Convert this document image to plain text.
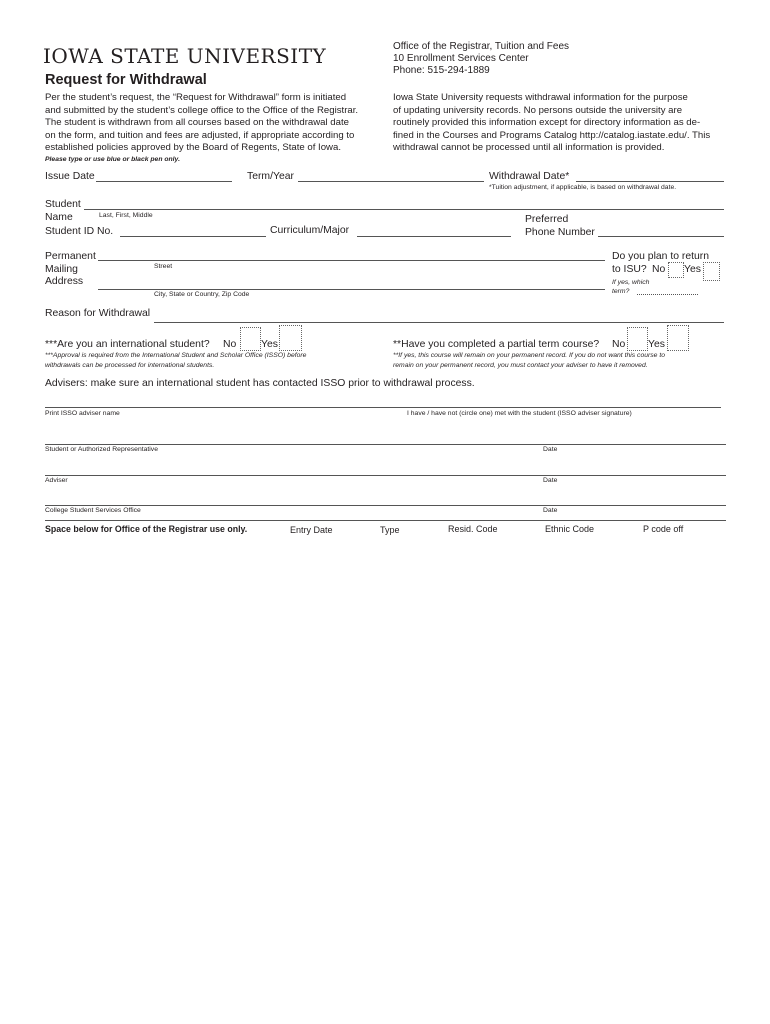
IOWA STATE UNIVERSITY
Request for Withdrawal
Office of the Registrar, Tuition and Fees
10 Enrollment Services Center
Phone: 515-294-1889
Per the student’s request, the “Request for Withdrawal” form is initiated
and submitted by the student’s college office to the Office of the Registrar.
The student is withdrawn from all courses based on the withdrawal date
on the form, and tuition and fees are adjusted, if appropriate according to
established policies approved by the Board of Regents, State of Iowa.
Iowa State University requests withdrawal information for the purpose
of updating university records. No persons outside the university are
routinely provided this information except for directory information as de-
fined in the Courses and Programs Catalog http://catalog.iastate.edu/. This
withdrawal cannot be processed until all information is provided.
Please type or use blue or black pen only.
Issue Date	Term/Year	Withdrawal Date*
*Tuition adjustment, if applicable, is based on withdrawal date.
Student
Name	Last, First, Middle
Student ID No.	Curriculum/Major
Preferred
Phone Number
Permanent
Mailing
Address
Street
City, State or Country, Zip Code
Do you plan to return
to ISU? No Yes
If yes, which
term?
Reason for Withdrawal
***Are you an international student? No Yes
***Approval is required from the International Student and Scholar Office (ISSO) before
withdrawals can be processed for international students.
**Have you completed a partial term course? No Yes
**If yes, this course will remain on your permanent record. If you do not want this course to
remain on your permanent record, you must contact your adviser to have it removed.
Advisers: make sure an international student has contacted ISSO prior to withdrawal process.
Print ISSO adviser name	I have / have not (circle one) met with the student (ISSO adviser signature)
Student or Authorized Representative	Date
Adviser	Date
College Student Services Office	Date
Space below for Office of the Registrar use only.	Entry Date	Type	Resid. Code	Ethnic Code	P code off
